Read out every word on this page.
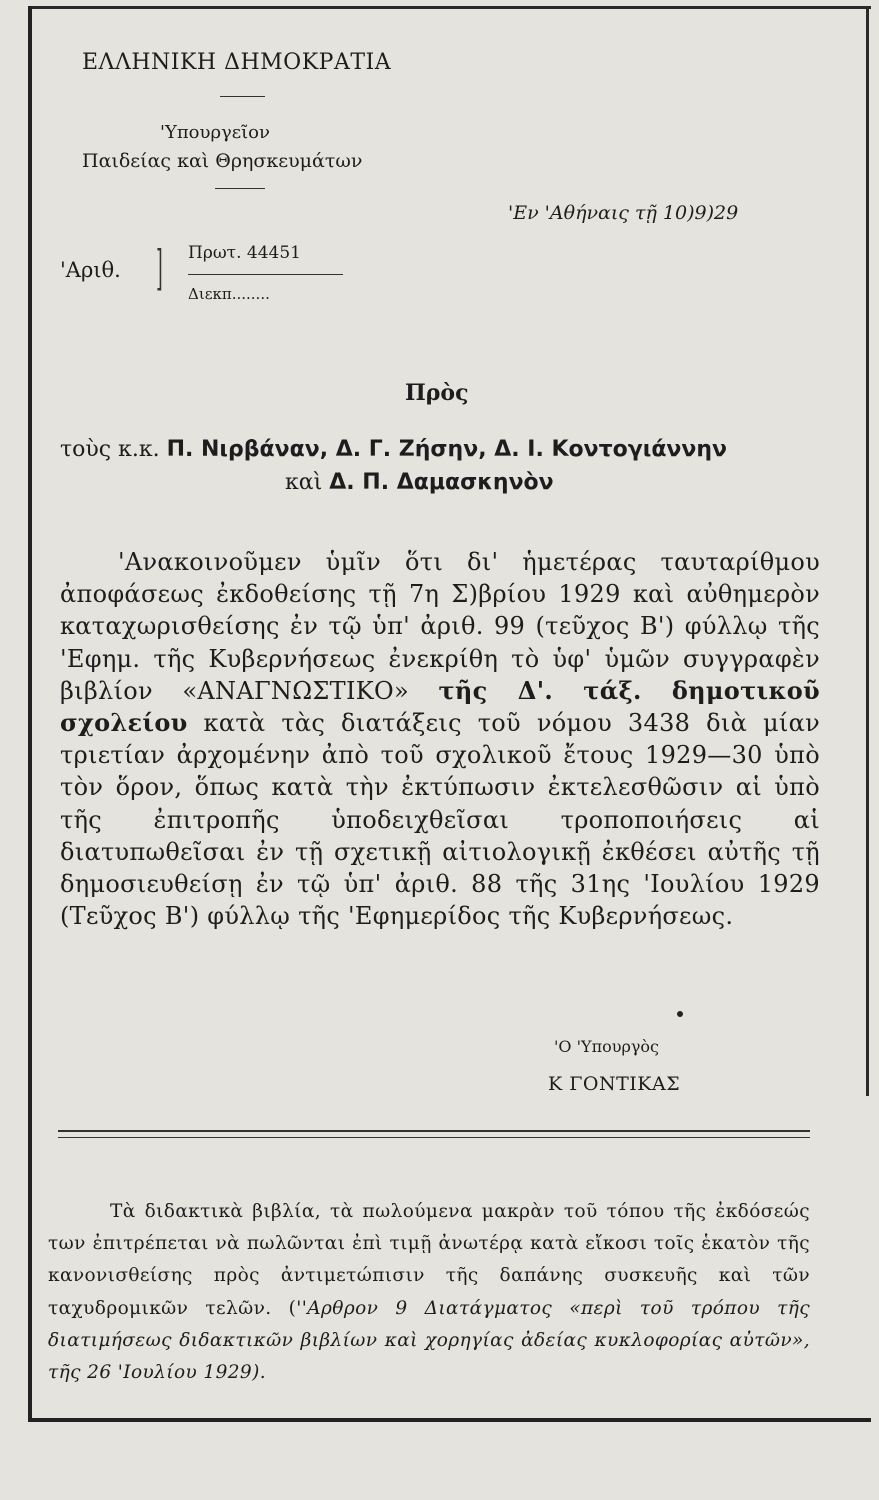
ΕΛΛΗΝΙΚΗ ΔΗΜΟΚΡΑΤΙΑ
'Υπουργεῖον
Παιδείας καὶ Θρησκευμάτων
'Εν 'Αθήναις τῇ 10)9)29
'Αριθ. ] Πρωτ. 44451
Διεκπ........
Πρὸς
τοὺς κ.κ. Π. Νιρβάναν, Δ. Γ. Ζήσην, Δ. Ι. Κοντογιάννην
καὶ Δ. Π. Δαμασκηνὸν
'Ανακοινοῦμεν ὑμῖν ὅτι δι' ἡμετέρας ταυταρίθμου ἀποφάσεως ἐκδοθείσης τῇ 7η Σ)βρίου 1929 καὶ αὐθημερὸν καταχωρισθείσης ἐν τῷ ὑπ' ἀριθ. 99 (τεῦχος Β') φύλλῳ τῆς 'Εφημ. τῆς Κυβερνήσεως ἐνεκρίθη τὸ ὑφ' ὑμῶν συγγραφὲν βιβλίον «ΑΝΑΓΝΩΣΤΙΚΟ» τῆς Δ'. τάξ. δημοτικοῦ σχολείου κατὰ τὰς διατάξεις τοῦ νόμου 3438 διὰ μίαν τριετίαν ἀρχομένην ἀπὸ τοῦ σχολικοῦ ἔτους 1929—30 ὑπὸ τὸν ὅρον, ὅπως κατὰ τὴν ἐκτύπωσιν ἐκτελεσθῶσιν αἱ ὑπὸ τῆς ἐπιτροπῆς ὑποδειχθεῖσαι τροποποιήσεις αἱ διατυπωθεῖσαι ἐν τῇ σχετικῇ αἰτιολογικῇ ἐκθέσει αὐτῆς τῇ δημοσιευθείσῃ ἐν τῷ ὑπ' ἀριθ. 88 τῆς 31ης 'Ιουλίου 1929 (Τεῦχος Β') φύλλῳ τῆς 'Εφημερίδος τῆς Κυβερνήσεως.
'Ο 'Υπουργὸς
Κ ΓΟΝΤΙΚΑΣ
Τὰ διδακτικὰ βιβλία, τὰ πωλούμενα μακρὰν τοῦ τόπου τῆς ἐκδόσεώς των ἐπιτρέπεται νὰ πωλῶνται ἐπὶ τιμῇ ἀνωτέρᾳ κατὰ εἴκοσι τοῖς ἑκατὸν τῆς κανονισθείσης πρὸς ἀντιμετώπισιν τῆς δαπάνης συσκευῆς καὶ τῶν ταχυδρομικῶν τελῶν. (''Αρθρον 9 Διατάγματος «περὶ τοῦ τρόπου τῆς διατιμήσεως διδακτικῶν βιβλίων καὶ χορηγίας ἀδείας κυκλοφορίας αὐτῶν», τῆς 26 'Ιουλίου 1929).
